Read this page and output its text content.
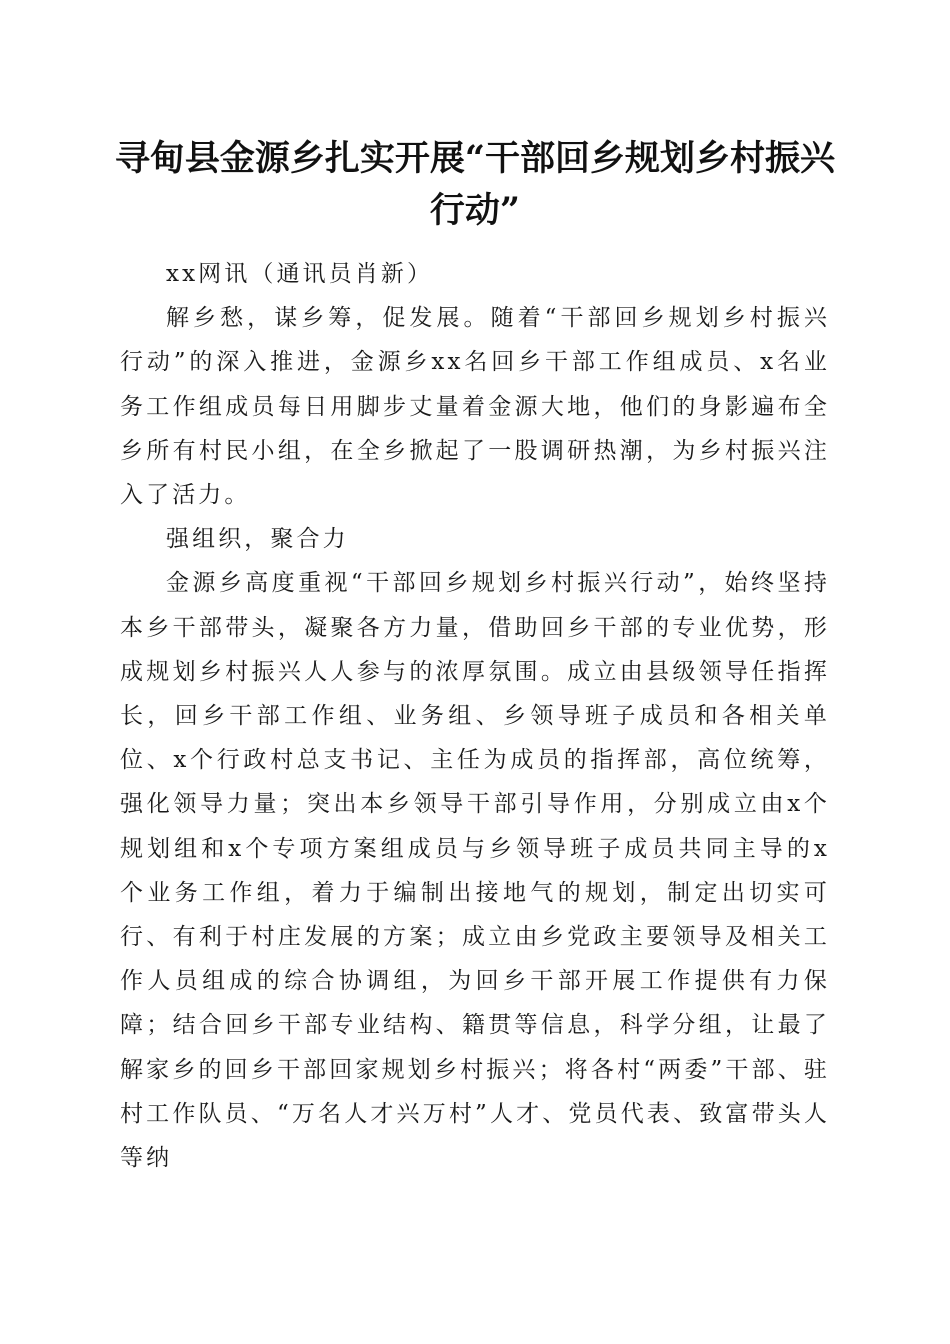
寻甸县金源乡扎实开展“干部回乡规划乡村振兴行动”

xx网讯（通讯员肖新）

解乡愁，谋乡筹，促发展。随着“干部回乡规划乡村振兴行动”的深入推进，金源乡xx名回乡干部工作组成员、x名业务工作组成员每日用脚步丈量着金源大地，他们的身影遍布全乡所有村民小组，在全乡掀起了一股调研热潮，为乡村振兴注入了活力。

强组织，聚合力

金源乡高度重视“干部回乡规划乡村振兴行动”，始终坚持本乡干部带头，凝聚各方力量，借助回乡干部的专业优势，形成规划乡村振兴人人参与的浓厚氛围。成立由县级领导任指挥长，回乡干部工作组、业务组、乡领导班子成员和各相关单位、x个行政村总支书记、主任为成员的指挥部，高位统筹，强化领导力量；突出本乡领导干部引导作用，分别成立由x个规划组和x个专项方案组成员与乡领导班子成员共同主导的x个业务工作组，着力于编制出接地气的规划，制定出切实可行、有利于村庄发展的方案；成立由乡党政主要领导及相关工作人员组成的综合协调组，为回乡干部开展工作提供有力保障；结合回乡干部专业结构、籍贯等信息，科学分组，让最了解家乡的回乡干部回家规划乡村振兴；将各村“两委”干部、驻村工作队员、“万名人才兴万村”人才、党员代表、致富带头人等纳
